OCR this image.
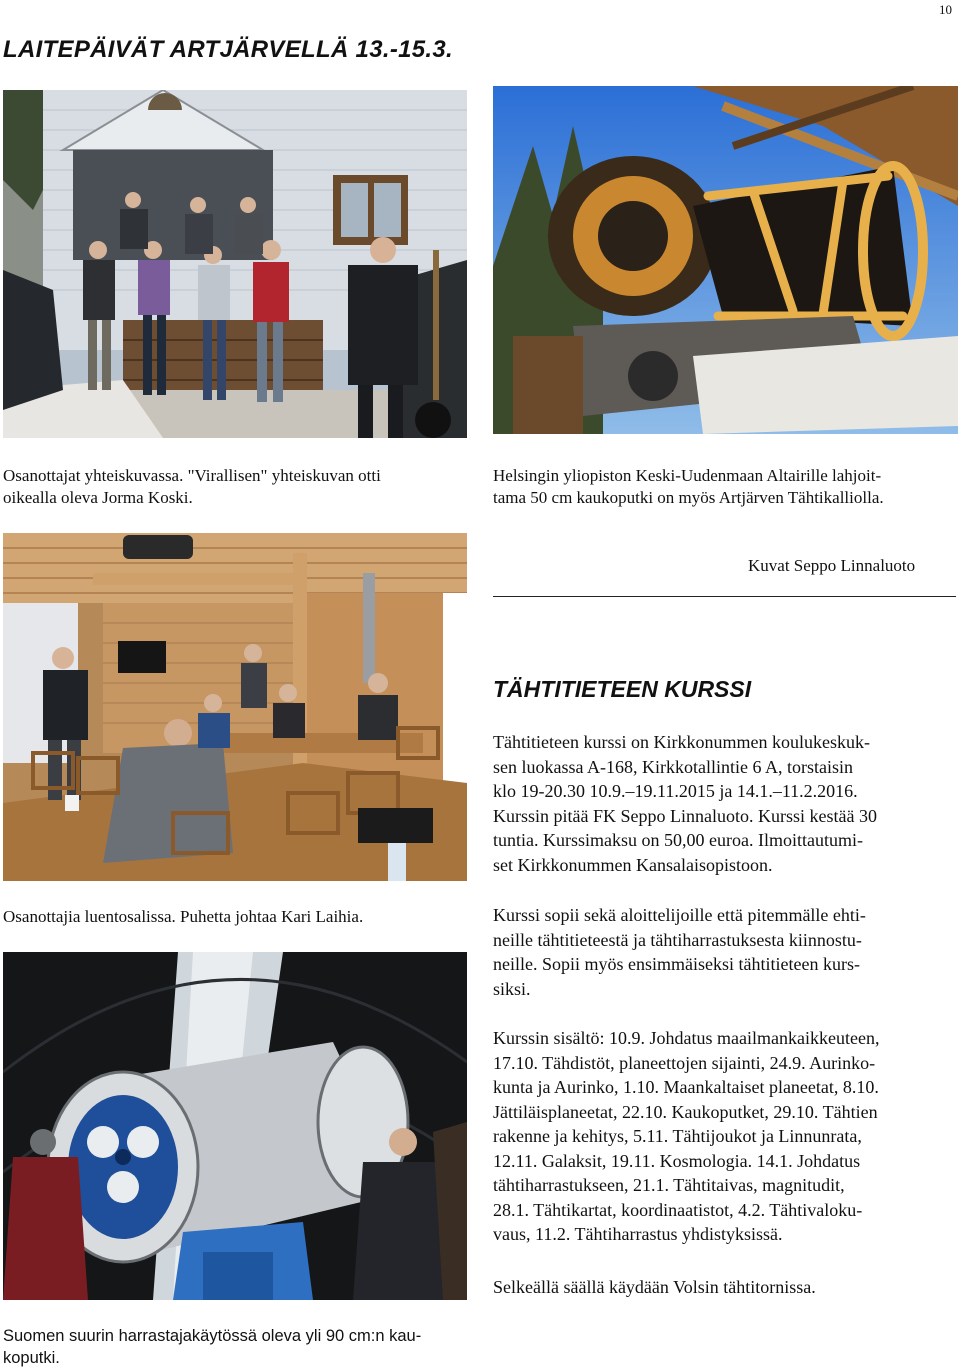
10
LAITEPÄIVÄT ARTJÄRVELLÄ 13.-15.3.
Osanottajat yhteiskuvassa. "Virallisen" yhteiskuvan otti
oikealla oleva Jorma Koski.
Helsingin yliopiston Keski-Uudenmaan Altairille lahjoit-
tama 50 cm kaukoputki on myös Artjärven Tähtikalliolla.
Kuvat Seppo Linnaluoto
Osanottajia luentosalissa. Puhetta johtaa Kari Laihia.
TÄHTITIETEEN KURSSI
Tähtitieteen kurssi on Kirkkonummen koulukeskuk-
sen luokassa A-168, Kirkkotallintie 6 A, torstaisin
klo 19-20.30 10.9.–19.11.2015 ja 14.1.–11.2.2016.
Kurssin pitää FK Seppo Linnaluoto. Kurssi kestää 30
tuntia. Kurssimaksu on 50,00 euroa. Ilmoittautumi-
set Kirkkonummen Kansalaisopistoon.
Kurssi sopii sekä aloittelijoille että pitemmälle ehti-
neille tähtitieteestä ja tähtiharrastuksesta kiinnostu-
neille. Sopii myös ensimmäiseksi tähtitieteen kurs-
siksi.
Kurssin sisältö: 10.9. Johdatus maailmankaikkeuteen,
17.10. Tähdistöt, planeettojen sijainti, 24.9. Aurinko-
kunta ja Aurinko, 1.10. Maankaltaiset planeetat, 8.10.
Jättiläisplaneetat, 22.10. Kaukoputket, 29.10. Tähtien
rakenne ja kehitys, 5.11. Tähtijoukot ja Linnunrata,
12.11. Galaksit, 19.11. Kosmologia. 14.1. Johdatus
tähtiharrastukseen, 21.1. Tähtitaivas, magnitudit,
28.1. Tähtikartat, koordinaatistot, 4.2. Tähtivaloku-
vaus, 11.2. Tähtiharrastus yhdistyksissä.
Selkeällä säällä käydään Volsin tähtitornissa.
Suomen suurin harrastajakäytössä oleva yli 90 cm:n kau-
koputki.
